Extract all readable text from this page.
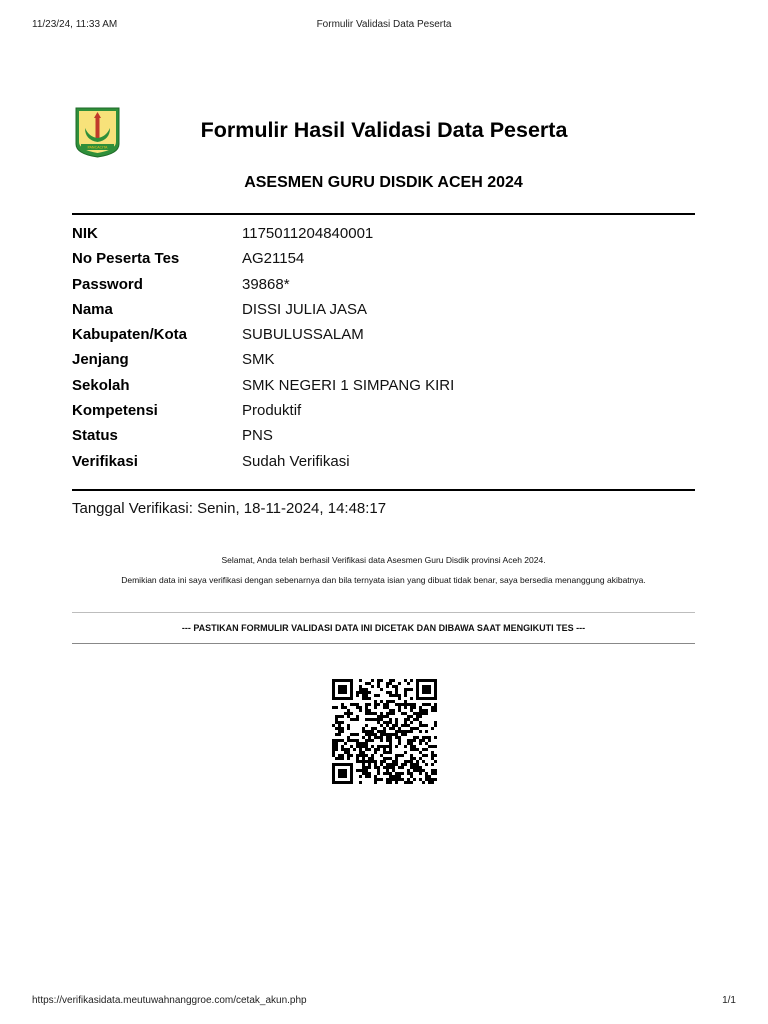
11/23/24, 11:33 AM	Formulir Validasi Data Peserta
PANCACITA
Formulir Hasil Validasi Data Peserta
ASESMEN GURU DISDIK ACEH 2024
NIK	1175011204840001
No Peserta Tes	AG21154
Password	39868*
Nama	DISSI JULIA JASA
Kabupaten/Kota	SUBULUSSALAM
Jenjang	SMK
Sekolah	SMK NEGERI 1 SIMPANG KIRI
Kompetensi	Produktif
Status	PNS
Verifikasi	Sudah Verifikasi
Tanggal Verifikasi: Senin, 18-11-2024, 14:48:17
Selamat, Anda telah berhasil Verifikasi data Asesmen Guru Disdik provinsi Aceh 2024.
Demikian data ini saya verifikasi dengan sebenarnya dan bila ternyata isian yang dibuat tidak benar, saya bersedia menanggung akibatnya.
--- PASTIKAN FORMULIR VALIDASI DATA INI DICETAK DAN DIBAWA SAAT MENGIKUTI TES ---
https://verifikasidata.meutuwahnanggroe.com/cetak_akun.php	1/1
